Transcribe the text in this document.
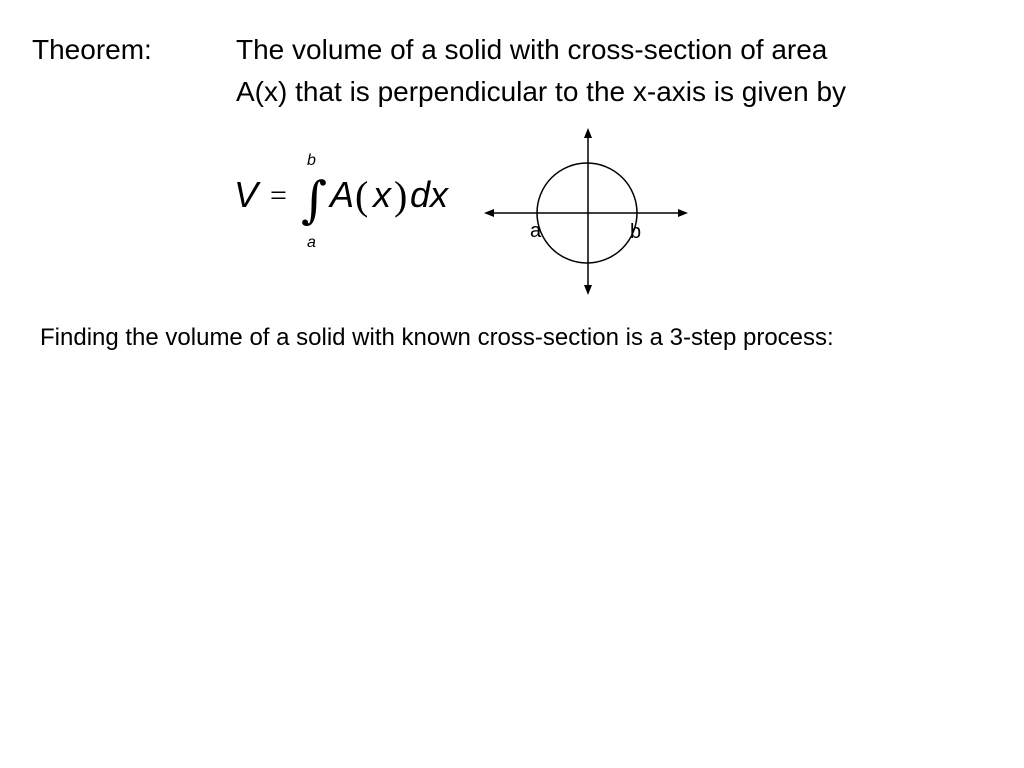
Theorem:	The volume of a solid with cross-section of area
A(x) that is perpendicular to the x-axis is given by
V = ∫
b
a
A ( x ) dx
a	b
Finding the volume of a solid with known cross-section is a 3-step process:
